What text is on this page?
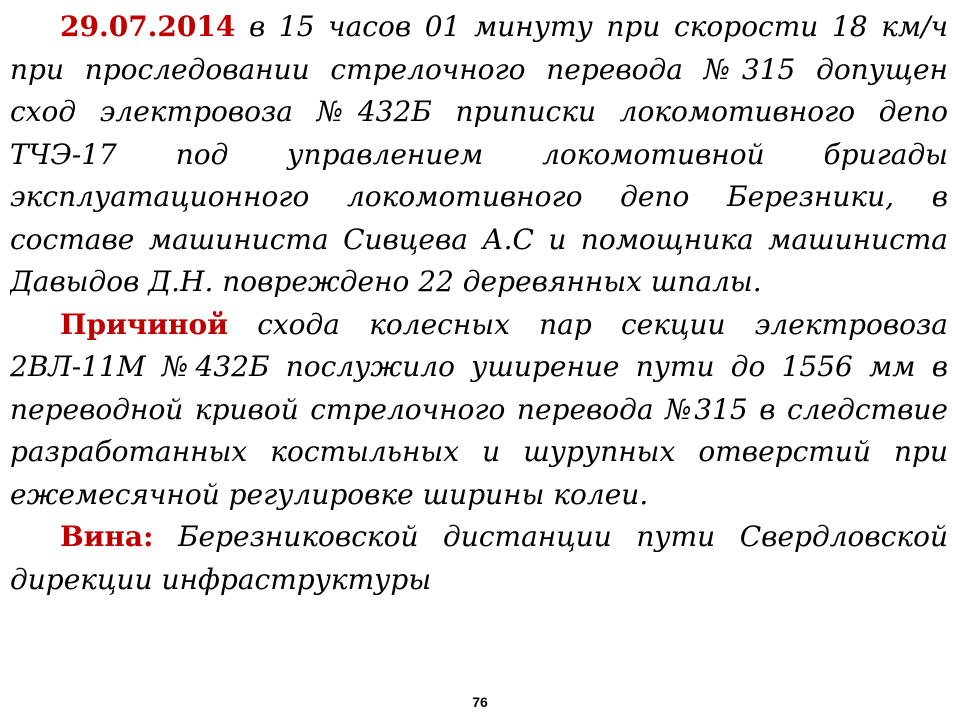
29.07.2014 в 15 часов 01 минуту при скорости 18 км/ч при проследовании стрелочного перевода №315 допущен сход электровоза №432Б приписки локомотивного депо ТЧЭ-17 под управлением локомотивной бригады эксплуатационного локомотивного депо Березники, в составе машиниста Сивцева А.С и помощника машиниста Давыдов Д.Н. повреждено 22 деревянных шпалы.

Причиной схода колесных пар секции электровоза 2ВЛ-11М №432Б послужило уширение пути до 1556 мм в переводной кривой стрелочного перевода №315 в следствие разработанных костыльных и шурупных отверстий при ежемесячной регулировке ширины колеи.

Вина: Березниковской дистанции пути Свердловской дирекции инфраструктуры

76
